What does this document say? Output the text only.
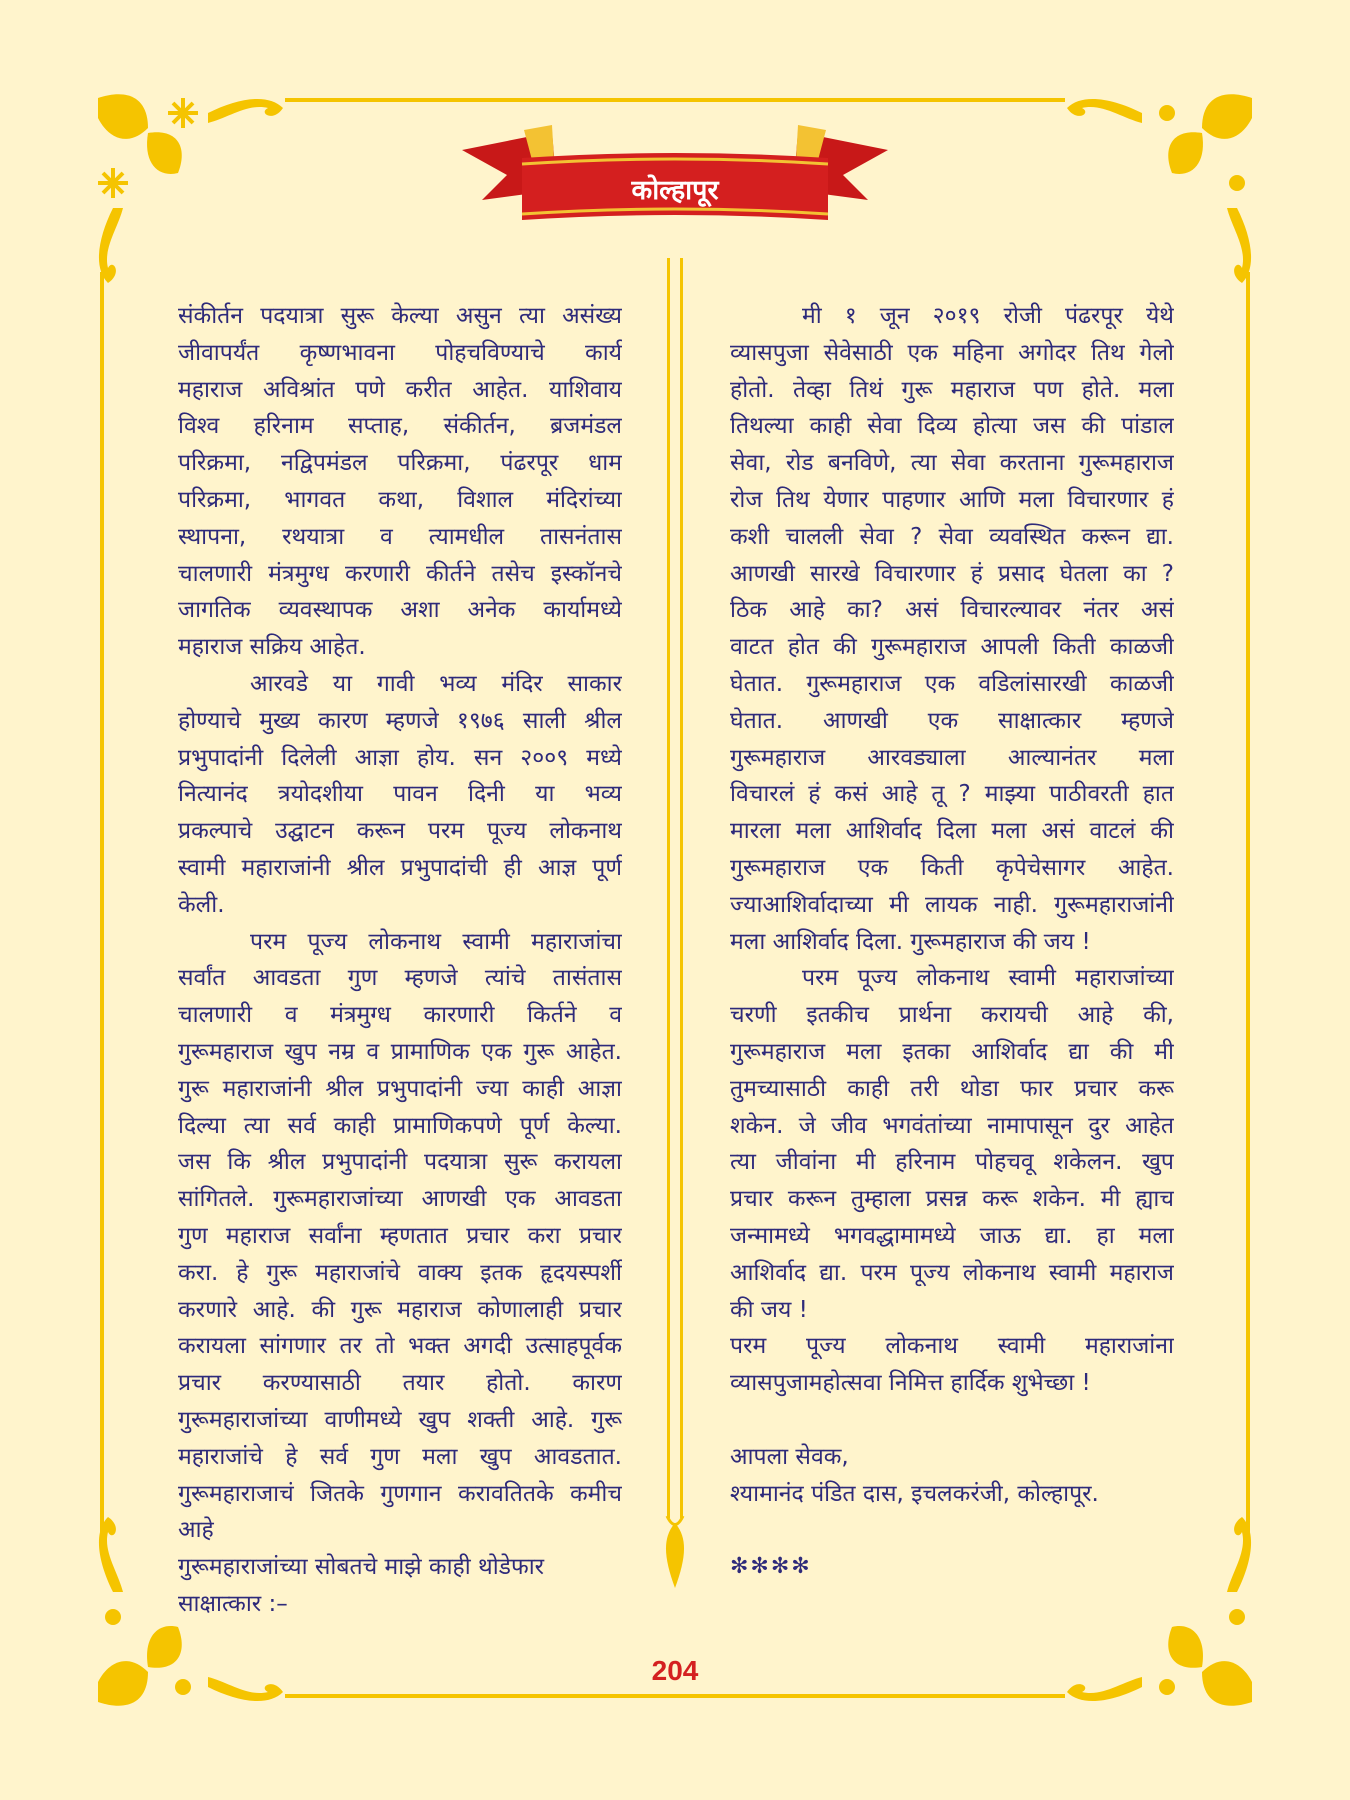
कोल्हापूर
संकीर्तन पदयात्रा सुरू केल्या असुन त्या असंख्य
जीवापर्यंत कृष्णभावना पोहचविण्याचे कार्य
महाराज अविश्रांत पणे करीत आहेत. याशिवाय
विश्व हरिनाम सप्ताह, संकीर्तन, ब्रजमंडल
परिक्रमा, नद्विपमंडल परिक्रमा, पंढरपूर धाम
परिक्रमा, भागवत कथा, विशाल मंदिरांच्या
स्थापना, रथयात्रा व त्यामधील तासनंतास
चालणारी मंत्रमुग्ध करणारी कीर्तने तसेच इस्कॉनचे
जागतिक व्यवस्थापक अशा अनेक कार्यामध्ये
महाराज सक्रिय आहेत.
आरवडे या गावी भव्य मंदिर साकार
होण्याचे मुख्य कारण म्हणजे १९७६ साली श्रील
प्रभुपादांनी दिलेली आज्ञा होय. सन २००९ मध्ये
नित्यानंद त्रयोदशीया पावन दिनी या भव्य
प्रकल्पाचे उद्घाटन करून परम पूज्य लोकनाथ
स्वामी महाराजांनी श्रील प्रभुपादांची ही आज्ञ पूर्ण
केली.
परम पूज्य लोकनाथ स्वामी महाराजांचा
सर्वांत आवडता गुण म्हणजे त्यांचे तासंतास
चालणारी व मंत्रमुग्ध कारणारी किर्तने व
गुरूमहाराज खुप नम्र व प्रामाणिक एक गुरू आहेत.
गुरू महाराजांनी श्रील प्रभुपादांनी ज्या काही आज्ञा
दिल्या त्या सर्व काही प्रामाणिकपणे पूर्ण केल्या.
जस कि श्रील प्रभुपादांनी पदयात्रा सुरू करायला
सांगितले. गुरूमहाराजांच्या आणखी एक आवडता
गुण महाराज सर्वांना म्हणतात प्रचार करा प्रचार
करा. हे गुरू महाराजांचे वाक्य इतक हृदयस्पर्शी
करणारे आहे. की गुरू महाराज कोणालाही प्रचार
करायला सांगणार तर तो भक्त अगदी उत्साहपूर्वक
प्रचार करण्यासाठी तयार होतो. कारण
गुरूमहाराजांच्या वाणीमध्ये खुप शक्ती आहे. गुरू
महाराजांचे हे सर्व गुण मला खुप आवडतात.
गुरूमहाराजाचं जितके गुणगान करावतितके कमीच
आहे
गुरूमहाराजांच्या सोबतचे माझे काही थोडेफार
साक्षात्कार :–
मी १ जून २०१९ रोजी पंढरपूर येथे
व्यासपुजा सेवेसाठी एक महिना अगोदर तिथ गेलो
होतो. तेव्हा तिथं गुरू महाराज पण होते. मला
तिथल्या काही सेवा दिव्य होत्या जस की पांडाल
सेवा, रोड बनविणे, त्या सेवा करताना गुरूमहाराज
रोज तिथ येणार पाहणार आणि मला विचारणार हं
कशी चालली सेवा ? सेवा व्यवस्थित करून द्या.
आणखी सारखे विचारणार हं प्रसाद घेतला का ?
ठिक आहे का? असं विचारल्यावर नंतर असं
वाटत होत की गुरूमहाराज आपली किती काळजी
घेतात. गुरूमहाराज एक वडिलांसारखी काळजी
घेतात. आणखी एक साक्षात्कार म्हणजे
गुरूमहाराज आरवड्याला आल्यानंतर मला
विचारलं हं कसं आहे तू ? माझ्या पाठीवरती हात
मारला मला आशिर्वाद दिला मला असं वाटलं की
गुरूमहाराज एक किती कृपेचेसागर आहेत.
ज्याआशिर्वादाच्या मी लायक नाही. गुरूमहाराजांनी
मला आशिर्वाद दिला. गुरूमहाराज की जय !
परम पूज्य लोकनाथ स्वामी महाराजांच्या
चरणी इतकीच प्रार्थना करायची आहे की,
गुरूमहाराज मला इतका आशिर्वाद द्या की मी
तुमच्यासाठी काही तरी थोडा फार प्रचार करू
शकेन. जे जीव भगवंतांच्या नामापासून दुर आहेत
त्या जीवांना मी हरिनाम पोहचवू शकेलन. खुप
प्रचार करून तुम्हाला प्रसन्न करू शकेन. मी ह्याच
जन्मामध्ये भगवद्धामामध्ये जाऊ द्या. हा मला
आशिर्वाद द्या. परम पूज्य लोकनाथ स्वामी महाराज
की जय !
परम पूज्य लोकनाथ स्वामी महाराजांना
व्यासपुजामहोत्सवा निमित्त हार्दिक शुभेच्छा !
आपला सेवक,
श्यामानंद पंडित दास, इचलकरंजी, कोल्हापूर.
✻✻✻✻
204
